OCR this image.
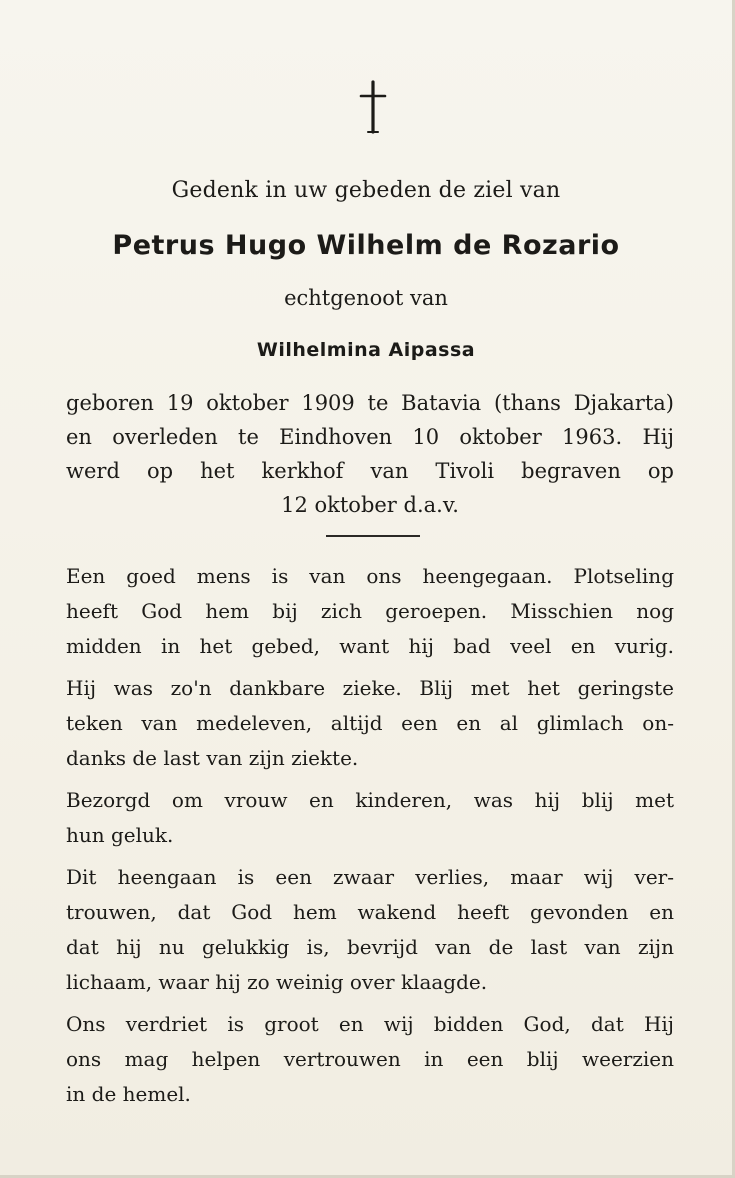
Gedenk in uw gebeden de ziel van
Petrus Hugo Wilhelm de Rozario
echtgenoot van
Wilhelmina Aipassa
geboren 19 oktober 1909 te Batavia (thans Djakarta)
en overleden te Eindhoven 10 oktober 1963. Hij
werd op het kerkhof van Tivoli begraven op
12 oktober d.a.v.
Een goed mens is van ons heengegaan. Plotseling
heeft God hem bij zich geroepen. Misschien nog
midden in het gebed, want hij bad veel en vurig.
Hij was zo'n dankbare zieke. Blij met het geringste
teken van medeleven, altijd een en al glimlach on-
danks de last van zijn ziekte.
Bezorgd om vrouw en kinderen, was hij blij met
hun geluk.
Dit heengaan is een zwaar verlies, maar wij ver-
trouwen, dat God hem wakend heeft gevonden en
dat hij nu gelukkig is, bevrijd van de last van zijn
lichaam, waar hij zo weinig over klaagde.
Ons verdriet is groot en wij bidden God, dat Hij
ons mag helpen vertrouwen in een blij weerzien
in de hemel.
